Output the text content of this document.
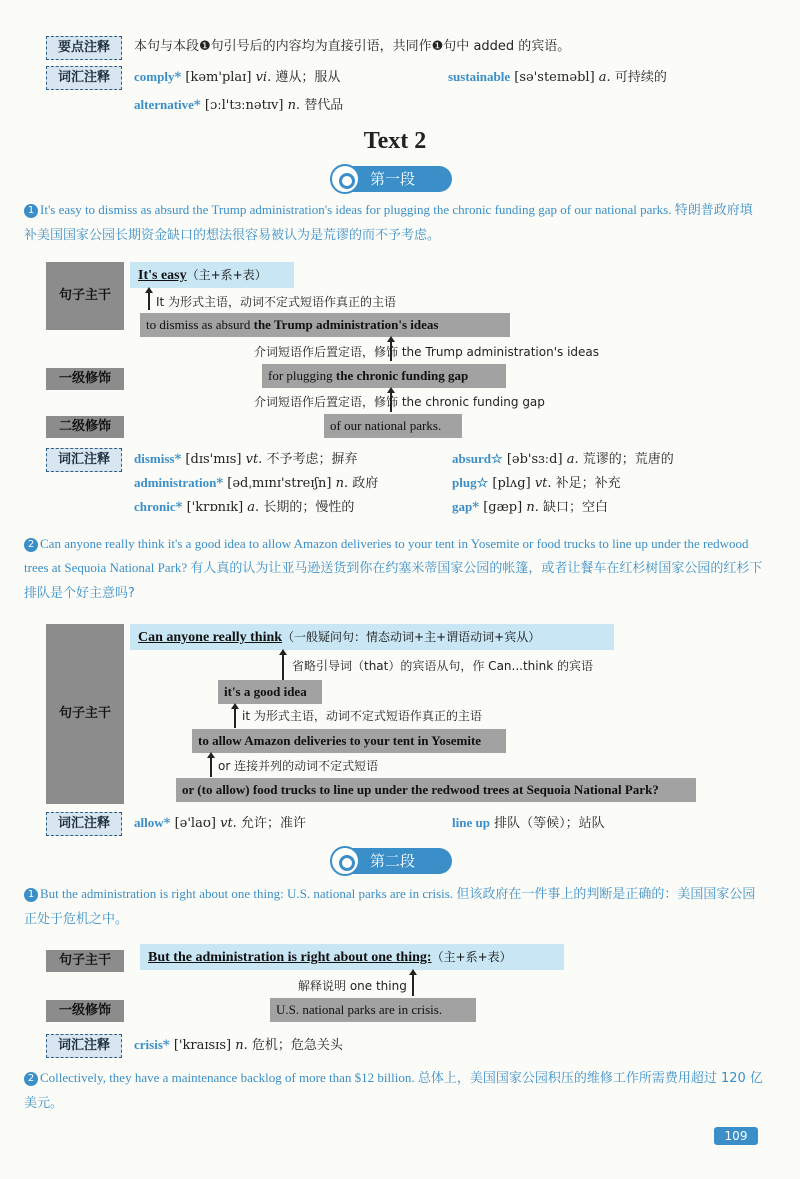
要点注释	本句与本段❶句引号后的内容均为直接引语，共同作❶句中 added 的宾语。
词汇注释	comply* [kəm'plaɪ] vi. 遵从；服从	sustainable [sə'steɪnəbl] a. 可持续的
alternative* [ɔːl'tɜːnətɪv] n. 替代品
Text 2
第一段
1 It's easy to dismiss as absurd the Trump administration's ideas for plugging the chronic funding gap of our national parks. 特朗普政府填补美国国家公园长期资金缺口的想法很容易被认为是荒谬的而不予考虑。
句子主干
It's easy（主+系+表）
It 为形式主语，动词不定式短语作真正的主语
to dismiss as absurd the Trump administration's ideas
介词短语作后置定语，修饰 the Trump administration's ideas
一级修饰	for plugging the chronic funding gap
介词短语作后置定语，修饰 the chronic funding gap
二级修饰	of our national parks.
词汇注释	dismiss* [dɪs'mɪs] vt. 不予考虑；摒弃	absurd☆ [əb'sɜːd] a. 荒谬的；荒唐的
administration* [ədˌmɪnɪ'streɪʃn] n. 政府	plug☆ [plʌg] vt. 补足；补充
chronic* ['krɒnɪk] a. 长期的；慢性的	gap* [gæp] n. 缺口；空白
2 Can anyone really think it's a good idea to allow Amazon deliveries to your tent in Yosemite or food trucks to line up under the redwood trees at Sequoia National Park? 有人真的认为让亚马逊送货到你在约塞米蒂国家公园的帐篷，或者让餐车在红杉树国家公园的红杉下排队是个好主意吗?
句子主干
Can anyone really think（一般疑问句：情态动词+主+谓语动词+宾从）
省略引导词（that）的宾语从句，作 Can...think 的宾语
it's a good idea
it 为形式主语，动词不定式短语作真正的主语
to allow Amazon deliveries to your tent in Yosemite
or 连接并列的动词不定式短语
or (to allow) food trucks to line up under the redwood trees at Sequoia National Park?
词汇注释	allow* [ə'laʊ] vt. 允许；准许	line up 排队（等候）；站队
第二段
1 But the administration is right about one thing: U.S. national parks are in crisis. 但该政府在一件事上的判断是正确的：美国国家公园正处于危机之中。
句子主干	But the administration is right about one thing:（主+系+表）
解释说明 one thing
一级修饰	U.S. national parks are in crisis.
词汇注释	crisis* ['kraɪsɪs] n. 危机；危急关头
2 Collectively, they have a maintenance backlog of more than $12 billion. 总体上，美国国家公园积压的维修工作所需费用超过 120 亿美元。
109
